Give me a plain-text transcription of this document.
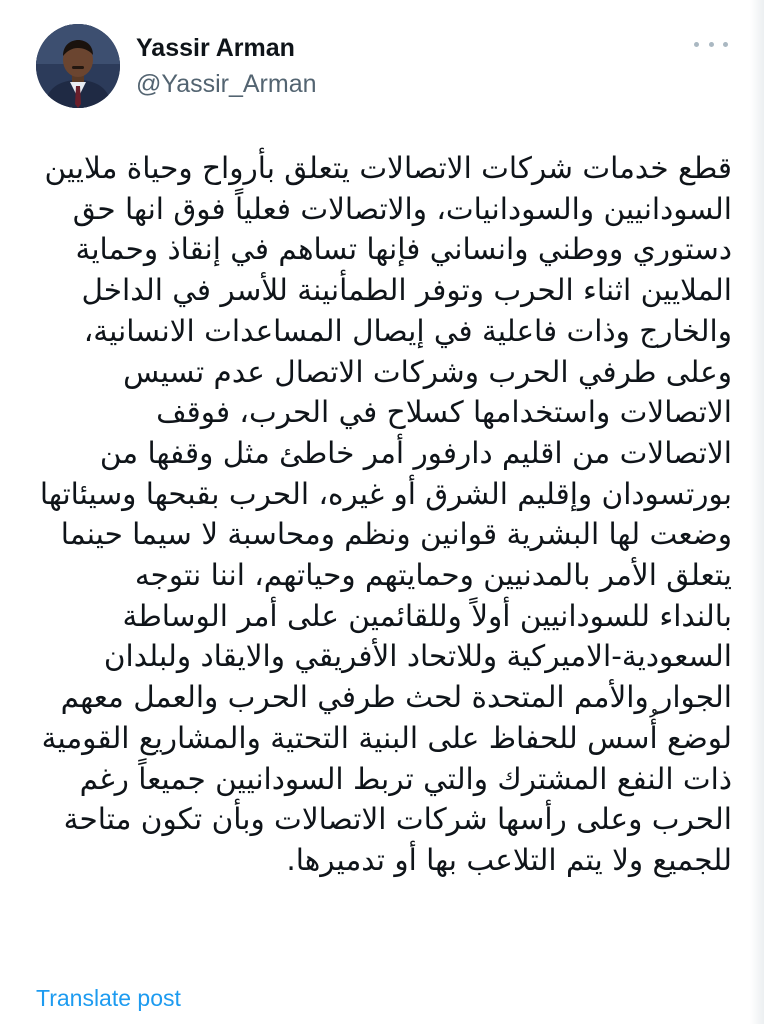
Yassir Arman
@Yassir_Arman
قطع خدمات شركات الاتصالات يتعلق بأرواح وحياة ملايين
السودانيين والسودانيات، والاتصالات فعلياً فوق انها حق
دستوري ووطني وانساني فإنها تساهم في إنقاذ وحماية
الملايين اثناء الحرب وتوفر الطمأنينة للأسر في الداخل
والخارج وذات فاعلية في إيصال المساعدات الانسانية،
وعلى طرفي الحرب وشركات الاتصال عدم تسيس
الاتصالات واستخدامها كسلاح في الحرب، فوقف
الاتصالات من اقليم دارفور أمر خاطئ مثل وقفها من
بورتسودان وإقليم الشرق أو غيره، الحرب بقبحها وسيئاتها
وضعت لها البشرية قوانين ونظم ومحاسبة لا سيما حينما
يتعلق الأمر بالمدنيين وحمايتهم وحياتهم، اننا نتوجه
بالنداء للسودانيين أولاً وللقائمين على أمر الوساطة
السعودية-الاميركية وللاتحاد الأفريقي والايقاد ولبلدان
الجوار والأمم المتحدة لحث طرفي الحرب والعمل معهم
لوضع أُسس للحفاظ على البنية التحتية والمشاريع القومية
ذات النفع المشترك والتي تربط السودانيين جميعاً رغم
الحرب وعلى رأسها شركات الاتصالات وبأن تكون متاحة
للجميع ولا يتم التلاعب بها أو تدميرها.
Translate post
